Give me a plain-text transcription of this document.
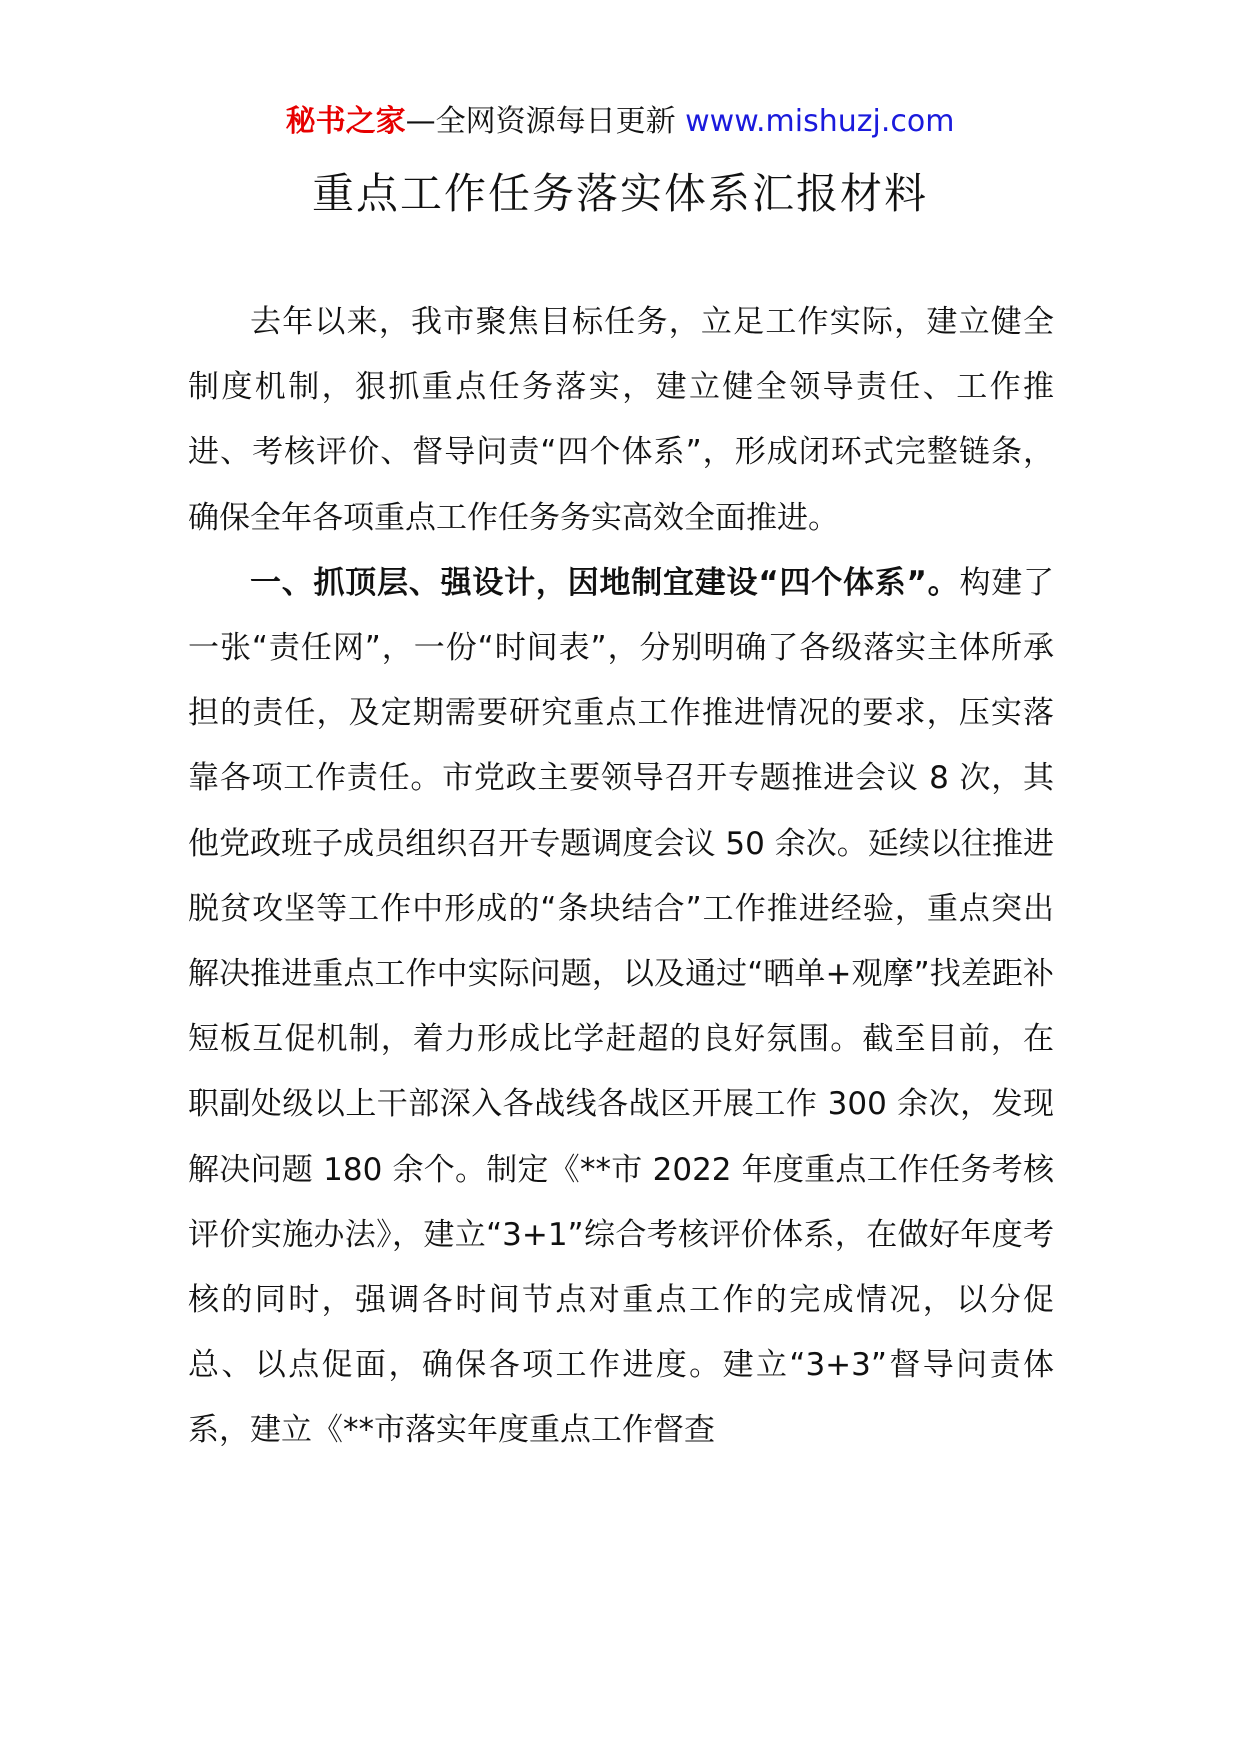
秘书之家—全网资源每日更新 www.mishuzj.com
重点工作任务落实体系汇报材料

去年以来，我市聚焦目标任务，立足工作实际，建立健全制度机制，狠抓重点任务落实，建立健全领导责任、工作推进、考核评价、督导问责“四个体系”，形成闭环式完整链条，确保全年各项重点工作任务务实高效全面推进。

一、抓顶层、强设计，因地制宜建设“四个体系”。构建了一张“责任网”，一份“时间表”，分别明确了各级落实主体所承担的责任，及定期需要研究重点工作推进情况的要求，压实落靠各项工作责任。市党政主要领导召开专题推进会议 8 次，其他党政班子成员组织召开专题调度会议 50 余次。延续以往推进脱贫攻坚等工作中形成的“条块结合”工作推进经验，重点突出解决推进重点工作中实际问题，以及通过“晒单+观摩”找差距补短板互促机制，着力形成比学赶超的良好氛围。截至目前，在职副处级以上干部深入各战线各战区开展工作 300 余次，发现解决问题 180 余个。制定《**市 2022 年度重点工作任务考核评价实施办法》，建立“3+1”综合考核评价体系，在做好年度考核的同时，强调各时间节点对重点工作的完成情况，以分促总、以点促面，确保各项工作进度。建立“3+3”督导问责体系，建立《**市落实年度重点工作督查
